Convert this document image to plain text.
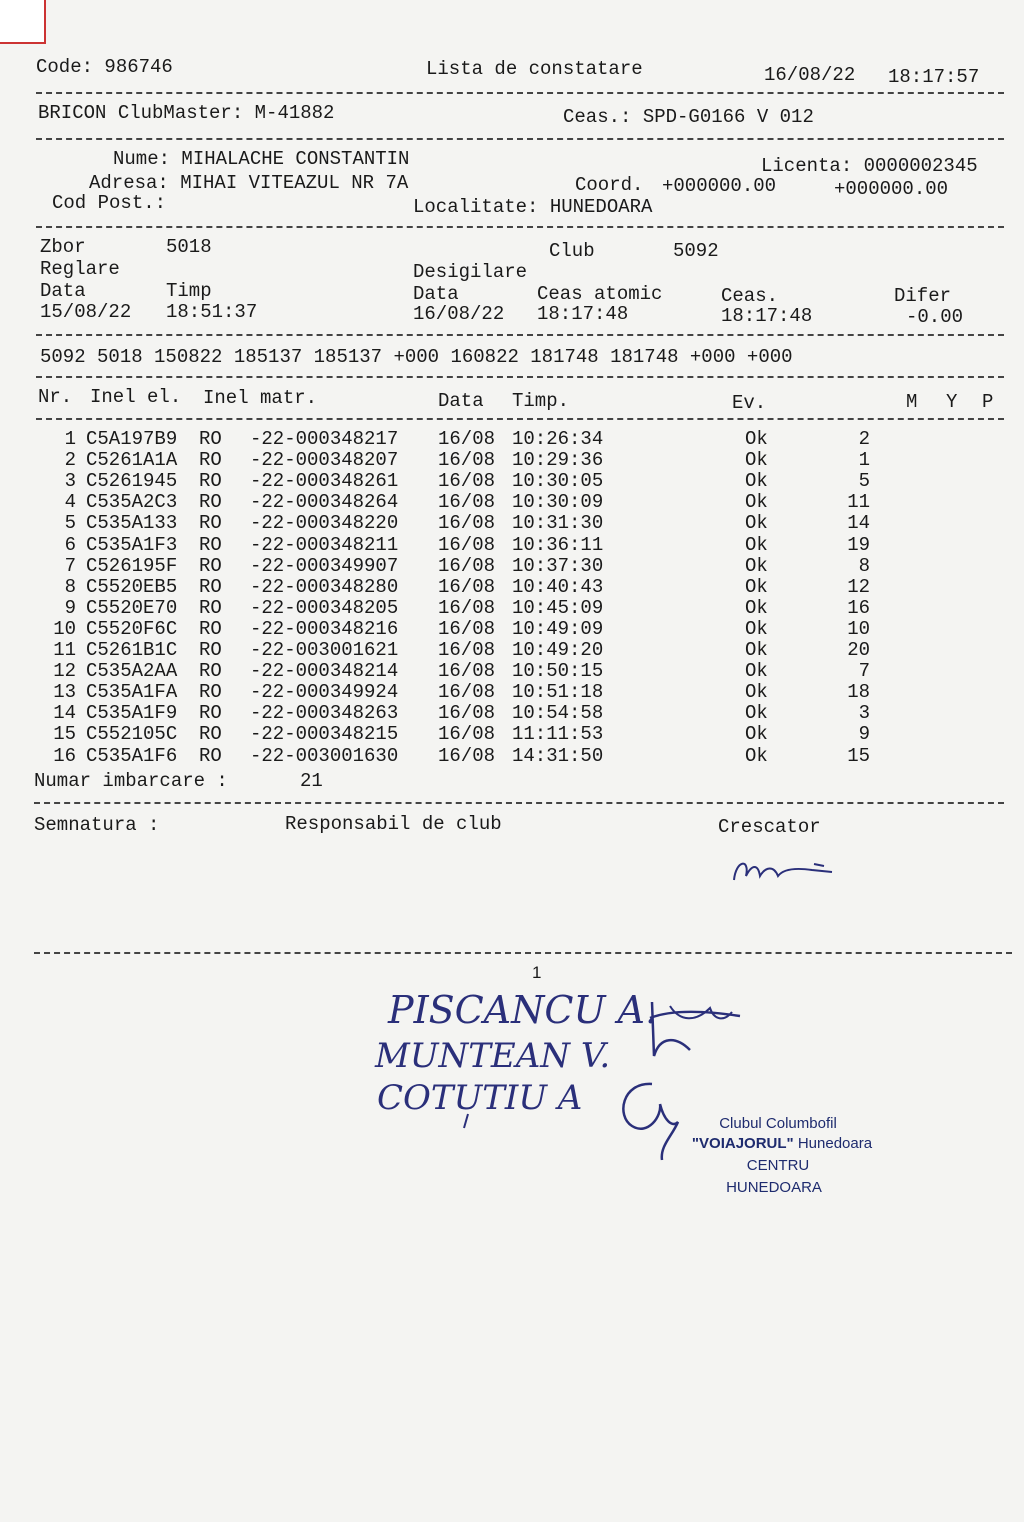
Code: 986746	Lista de constatare	16/08/22 18:17:57
BRICON ClubMaster: M-41882	Ceas.: SPD-G0166 V 012
Nume: MIHALACHE CONSTANTIN	Licenta: 0000002345
Adresa: MIHAI VITEAZUL NR 7A	Coord. +000000.00	+000000.00
Cod Post.:	Localitate: HUNEDOARA
Zbor	5018	Club	5092
Reglare	Desigilare
Data	Timp	Data	Ceas atomic	Ceas.	Difer
15/08/22 18:51:37	16/08/22 18:17:48	18:17:48	-0.00
5092 5018 150822 185137 185137 +000 160822 181748 181748 +000 +000
Nr. Inel el. Inel matr.	Data Timp.	Ev.	M Y P
1 C5A197B9 RO -22-000348217 16/08 10:26:34	Ok	2
2 C5261A1A RO -22-000348207 16/08 10:29:36	Ok	1
3 C5261945 RO -22-000348261 16/08 10:30:05	Ok	5
4 C535A2C3 RO -22-000348264 16/08 10:30:09	Ok	11
5 C535A133 RO -22-000348220 16/08 10:31:30	Ok	14
6 C535A1F3 RO -22-000348211 16/08 10:36:11	Ok	19
7 C526195F RO -22-000349907 16/08 10:37:30	Ok	8
8 C5520EB5 RO -22-000348280 16/08 10:40:43	Ok	12
9 C5520E70 RO -22-000348205 16/08 10:45:09	Ok	16
10 C5520F6C RO -22-000348216 16/08 10:49:09	Ok	10
11 C5261B1C RO -22-003001621 16/08 10:49:20	Ok	20
12 C535A2AA RO -22-000348214 16/08 10:50:15	Ok	7
13 C535A1FA RO -22-000349924 16/08 10:51:18	Ok	18
14 C535A1F9 RO -22-000348263 16/08 10:54:58	Ok	3
15 C552105C RO -22-000348215 16/08 11:11:53	Ok	9
16 C535A1F6 RO -22-003001630 16/08 14:31:50	Ok	15
Numar imbarcare :	21
Semnatura :	Responsabil de club	Crescator
1
PISCANCU A.
MUNTEAN V.
COTUTIU A
Clubul Columbofil
"VOIAJORUL" Hunedoara
CENTRU
HUNEDOARA
